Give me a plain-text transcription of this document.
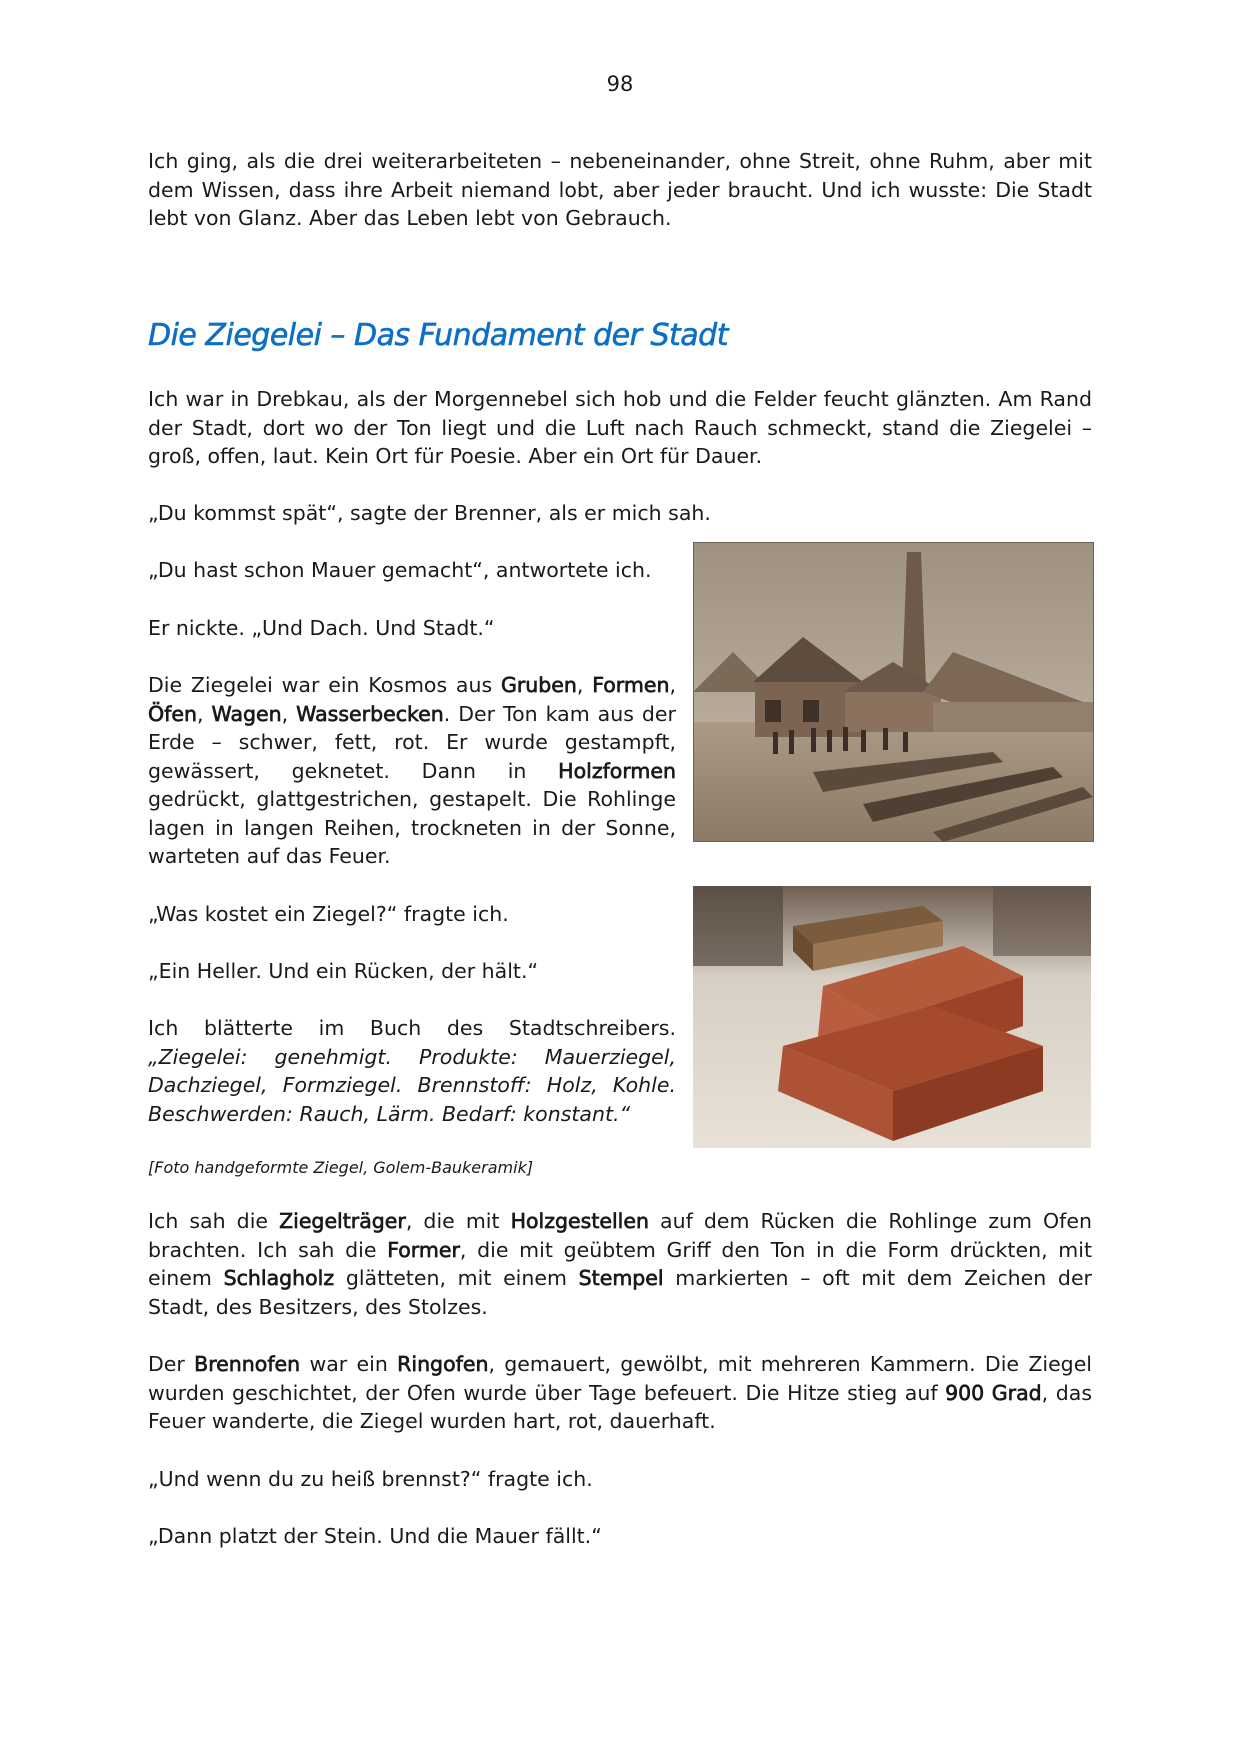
98

Ich ging, als die drei weiterarbeiteten – nebeneinander, ohne Streit, ohne Ruhm, aber mit dem Wissen, dass ihre Arbeit niemand lobt, aber jeder braucht. Und ich wusste: Die Stadt lebt von Glanz. Aber das Leben lebt von Gebrauch.

Die Ziegelei – Das Fundament der Stadt

Ich war in Drebkau, als der Morgennebel sich hob und die Felder feucht glänzten. Am Rand der Stadt, dort wo der Ton liegt und die Luft nach Rauch schmeckt, stand die Ziegelei – groß, offen, laut. Kein Ort für Poesie. Aber ein Ort für Dauer.

„Du kommst spät“, sagte der Brenner, als er mich sah.

„Du hast schon Mauer gemacht“, antwortete ich.

Er nickte. „Und Dach. Und Stadt.“

Die Ziegelei war ein Kosmos aus Gruben, Formen, Öfen, Wagen, Wasserbecken. Der Ton kam aus der Erde – schwer, fett, rot. Er wurde gestampft, gewässert, geknetet. Dann in Holzformen gedrückt, glattgestrichen, gestapelt. Die Rohlinge lagen in langen Reihen, trockneten in der Sonne, warteten auf das Feuer.

„Was kostet ein Ziegel?“ fragte ich.

„Ein Heller. Und ein Rücken, der hält.“

Ich blätterte im Buch des Stadtschreibers. „Ziegelei: genehmigt. Produkte: Mauerziegel, Dachziegel, Formziegel. Brennstoff: Holz, Kohle. Beschwerden: Rauch, Lärm. Bedarf: konstant.“

[Foto handgeformte Ziegel, Golem-Baukeramik]

Ich sah die Ziegelträger, die mit Holzgestellen auf dem Rücken die Rohlinge zum Ofen brachten. Ich sah die Former, die mit geübtem Griff den Ton in die Form drückten, mit einem Schlagholz glätteten, mit einem Stempel markierten – oft mit dem Zeichen der Stadt, des Besitzers, des Stolzes.

Der Brennofen war ein Ringofen, gemauert, gewölbt, mit mehreren Kammern. Die Ziegel wurden geschichtet, der Ofen wurde über Tage befeuert. Die Hitze stieg auf 900 Grad, das Feuer wanderte, die Ziegel wurden hart, rot, dauerhaft.

„Und wenn du zu heiß brennst?“ fragte ich.

„Dann platzt der Stein. Und die Mauer fällt.“
